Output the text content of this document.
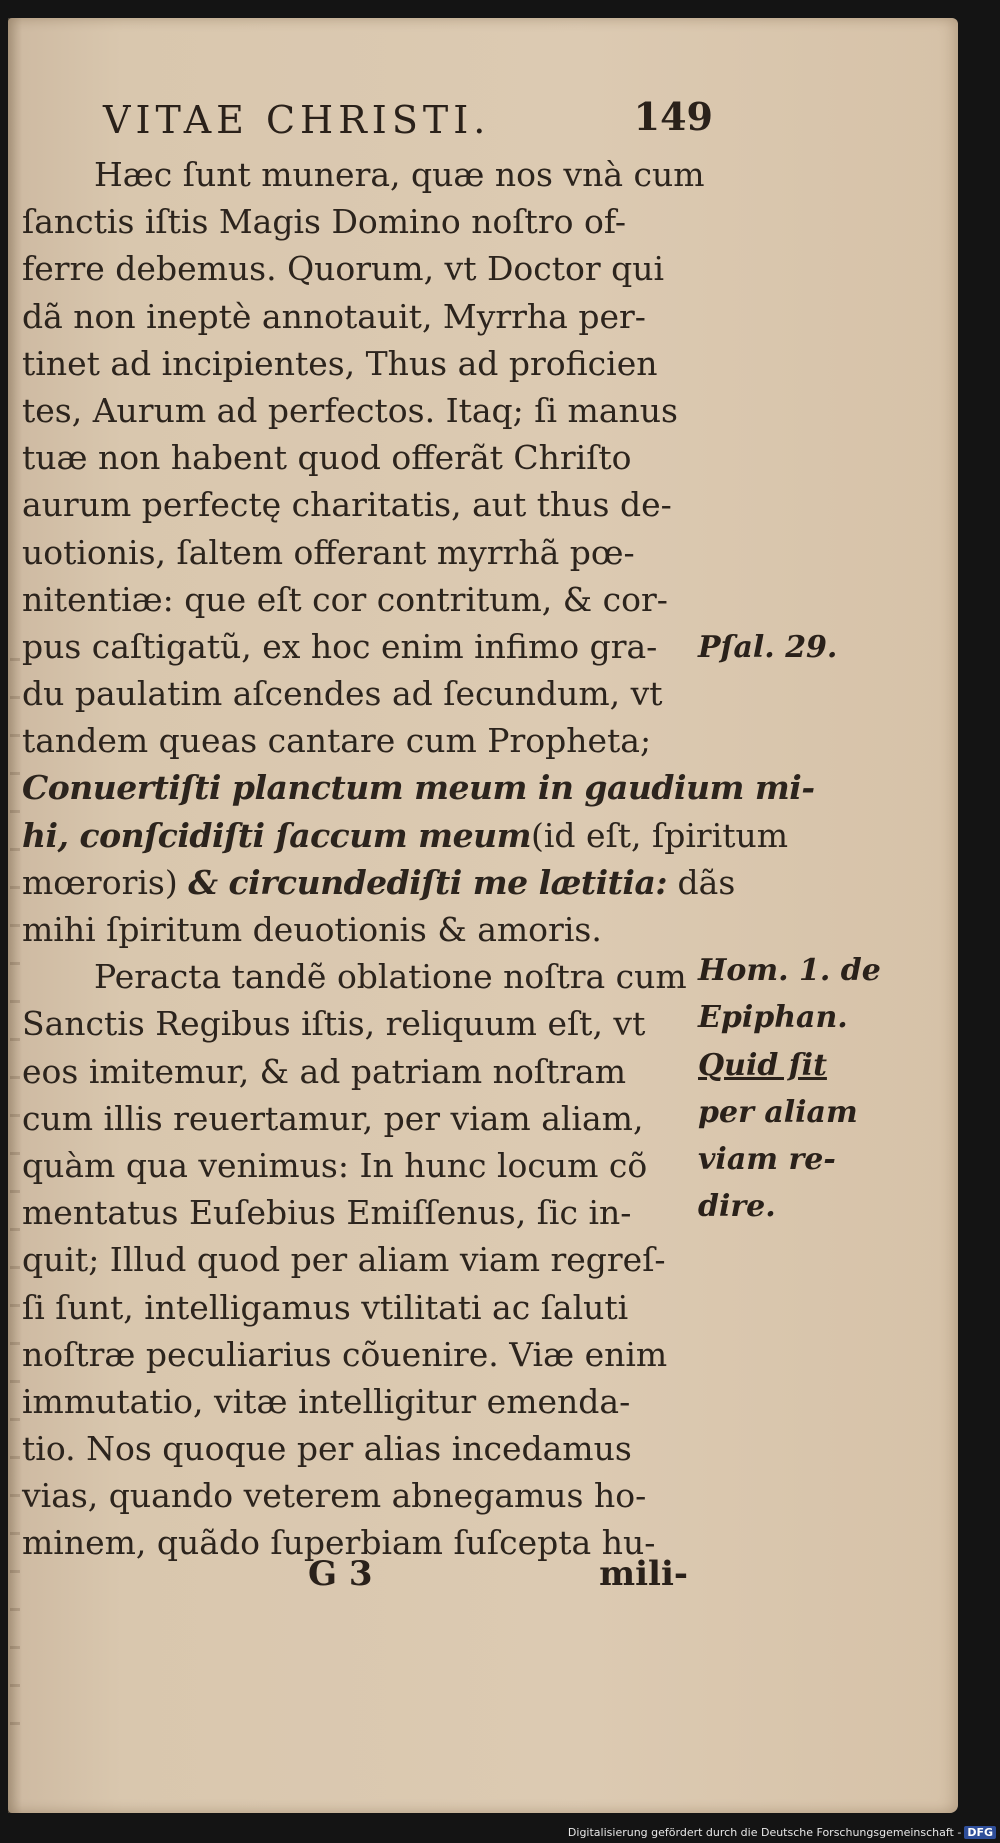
VITAE CHRISTI.	149
Hæc ſunt munera, quæ nos vnà cum
ſanctis iſtis Magis Domino noſtro of-
ferre debemus. Quorum, vt Doctor qui
dã non ineptè annotauit, Myrrha per-
tinet ad incipientes, Thus ad proficien
tes, Aurum ad perfectos. Itaq; ſi manus
tuæ non habent quod offerãt Chriſto
aurum perfectę charitatis, aut thus de-
uotionis, ſaltem offerant myrrhã pœ-
nitentiæ: que eſt cor contritum, & cor-
pus caſtigatũ, ex hoc enim infimo gra-
du paulatim aſcendes ad ſecundum, vt
tandem queas cantare cum Propheta;
Conuertiſti planctum meum in gaudium mi-
hi, conſcidiſti ſaccum meum(id eſt, ſpiritum
mœroris) & circundediſti me lætitia: dãs
mihi ſpiritum deuotionis & amoris.
Peracta tandẽ oblatione noſtra cum
Sanctis Regibus iſtis, reliquum eſt, vt
eos imitemur, & ad patriam noſtram
cum illis reuertamur, per viam aliam,
quàm qua venimus: In hunc locum cõ
mentatus Euſebius Emiſſenus, ſic in-
quit; Illud quod per aliam viam regreſ-
ſi ſunt, intelligamus vtilitati ac ſaluti
noſtræ peculiarius cõuenire. Viæ enim
immutatio, vitæ intelligitur emenda-
tio. Nos quoque per alias incedamus
vias, quando veterem abnegamus ho-
minem, quãdo ſuperbiam ſuſcepta hu-
Pſal. 29.
Hom. 1. de
Epiphan.
Quid ſit
per aliam
viam re-
dire.
G 3	mili-
Digitalisierung gefördert durch die Deutsche Forschungsgemeinschaft - DFG
